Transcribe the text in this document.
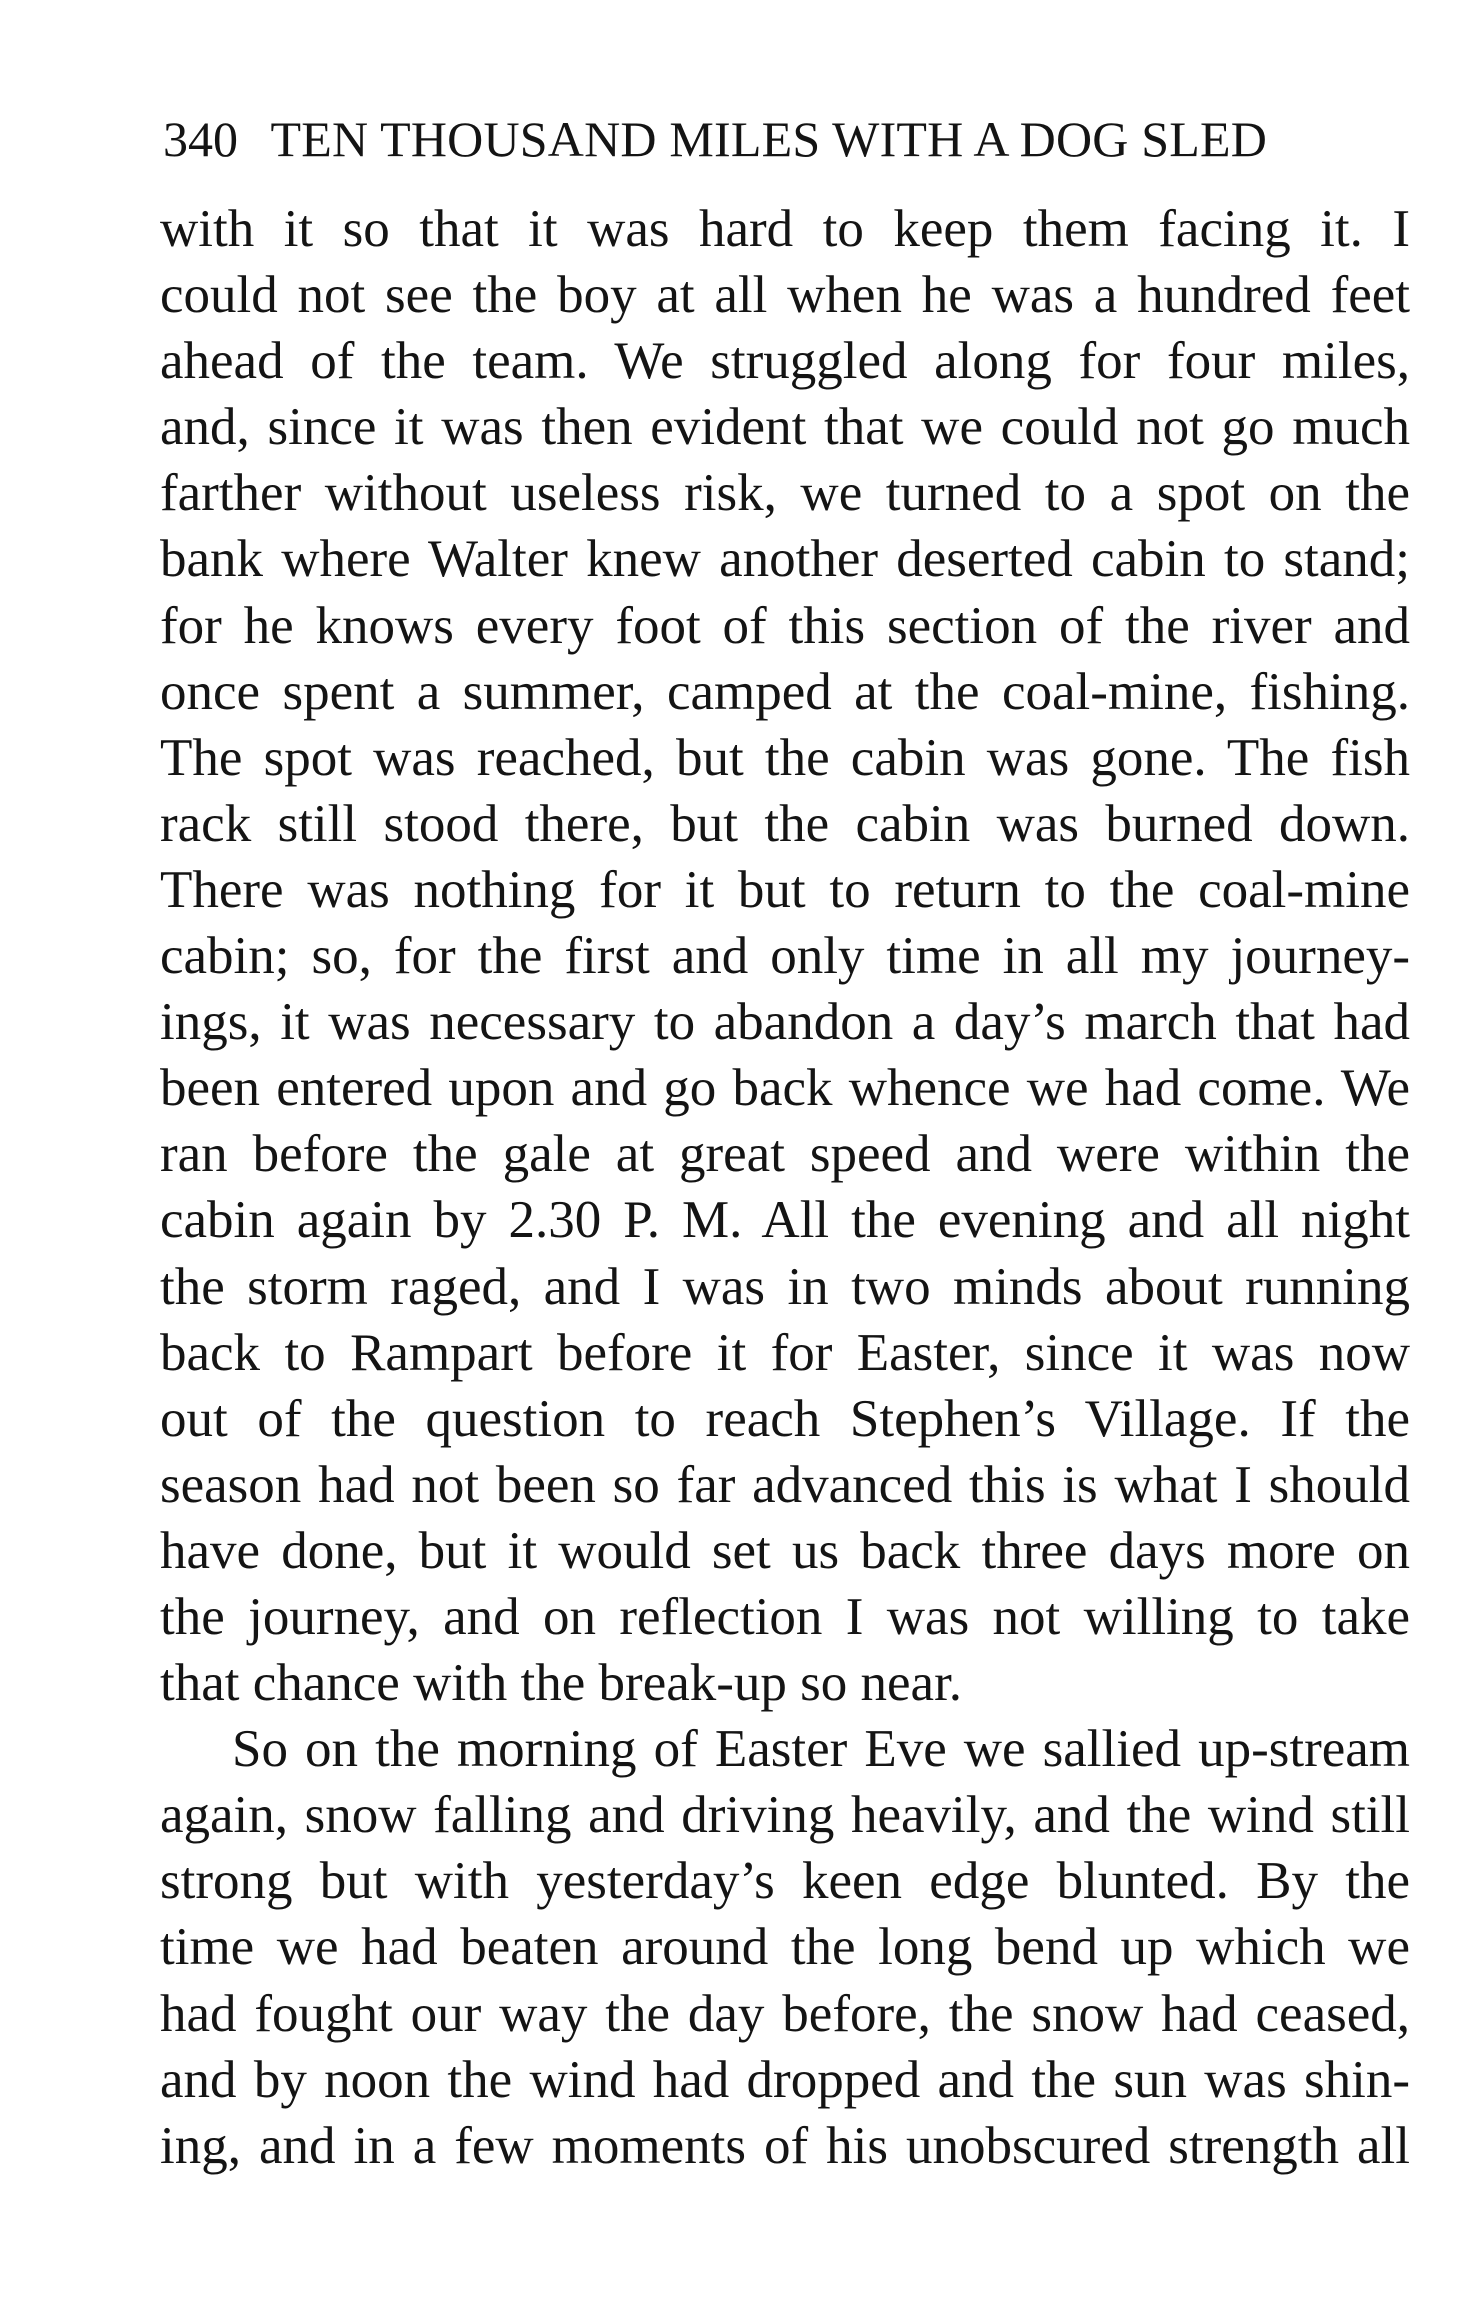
340 TEN THOUSAND MILES WITH A DOG SLED
with it so that it was hard to keep them facing it. I
could not see the boy at all when he was a hundred feet
ahead of the team. We struggled along for four miles,
and, since it was then evident that we could not go much
farther without useless risk, we turned to a spot on the
bank where Walter knew another deserted cabin to stand;
for he knows every foot of this section of the river and
once spent a summer, camped at the coal-mine, fishing.
The spot was reached, but the cabin was gone. The fish
rack still stood there, but the cabin was burned down.
There was nothing for it but to return to the coal-mine
cabin; so, for the first and only time in all my journey-
ings, it was necessary to abandon a day’s march that had
been entered upon and go back whence we had come. We
ran before the gale at great speed and were within the
cabin again by 2.30 P. M. All the evening and all night
the storm raged, and I was in two minds about running
back to Rampart before it for Easter, since it was now
out of the question to reach Stephen’s Village. If the
season had not been so far advanced this is what I should
have done, but it would set us back three days more on
the journey, and on reflection I was not willing to take
that chance with the break-up so near.
So on the morning of Easter Eve we sallied up-stream
again, snow falling and driving heavily, and the wind still
strong but with yesterday’s keen edge blunted. By the
time we had beaten around the long bend up which we
had fought our way the day before, the snow had ceased,
and by noon the wind had dropped and the sun was shin-
ing, and in a few moments of his unobscured strength all
